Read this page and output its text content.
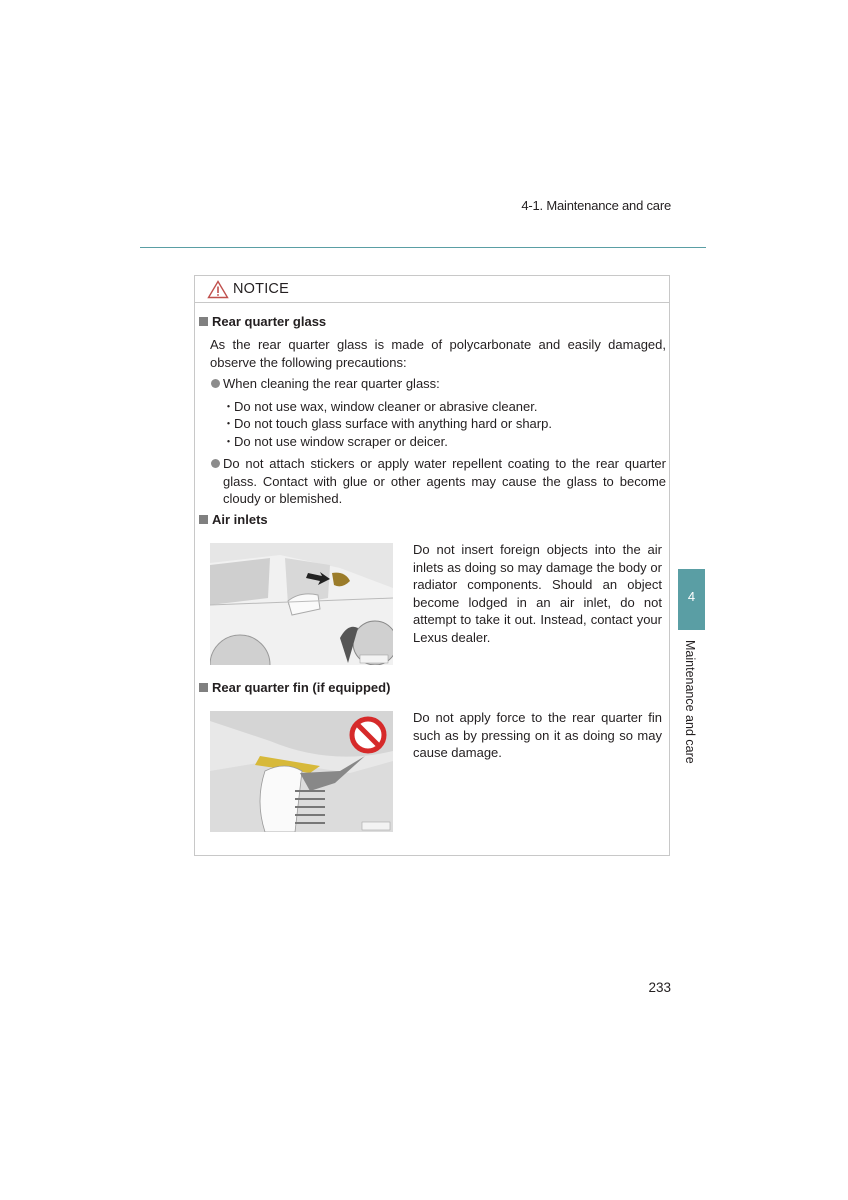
4-1. Maintenance and care
NOTICE
Rear quarter glass
As the rear quarter glass is made of polycarbonate and easily damaged, observe the following precautions:
When cleaning the rear quarter glass:
・Do not use wax, window cleaner or abrasive cleaner.
・Do not touch glass surface with anything hard or sharp.
・Do not use window scraper or deicer.
Do not attach stickers or apply water repellent coating to the rear quarter glass. Contact with glue or other agents may cause the glass to become cloudy or blemished.
Air inlets
Do not insert foreign objects into the air inlets as doing so may damage the body or radiator components. Should an object become lodged in an air inlet, do not attempt to take it out. Instead, contact your Lexus dealer.
Rear quarter fin (if equipped)
Do not apply force to the rear quarter fin such as by pressing on it as doing so may cause damage.
4
Maintenance and care
233
